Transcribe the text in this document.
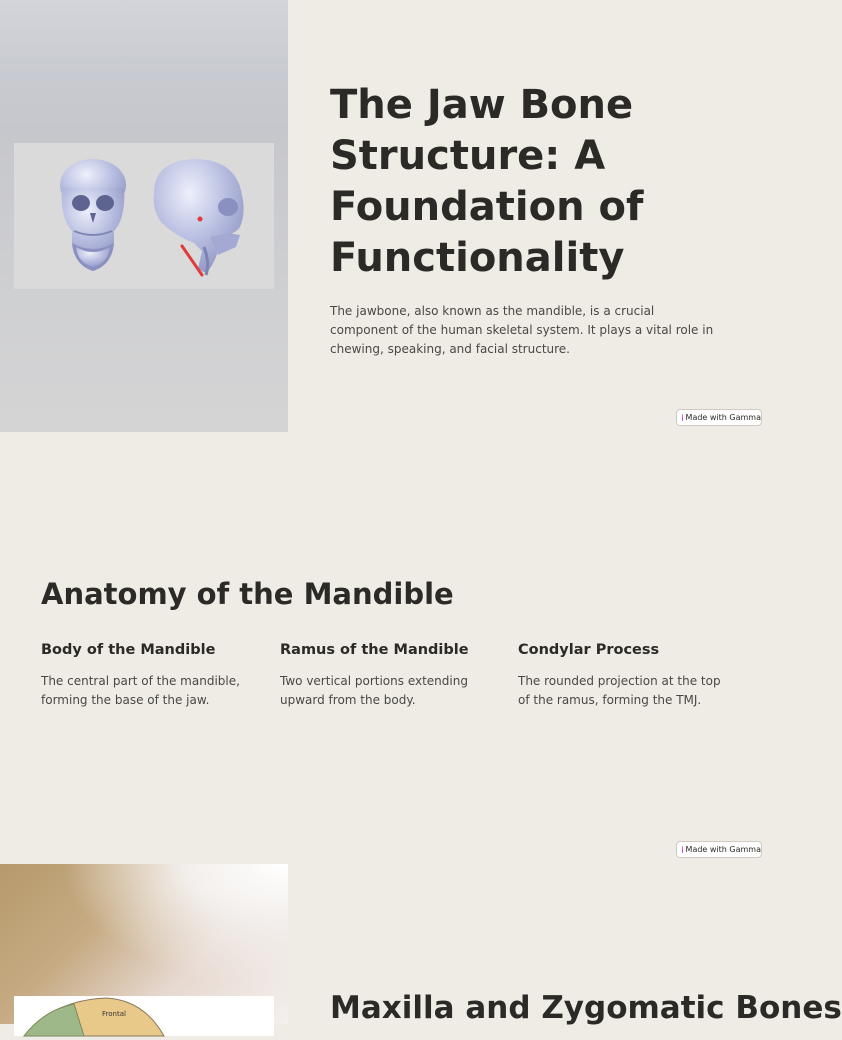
The Jaw Bone Structure: A Foundation of Functionality

The jawbone, also known as the mandible, is a crucial component of the human skeletal system. It plays a vital role in chewing, speaking, and facial structure.

Made with Gamma
Anatomy of the Mandible
Body of the Mandible

The central part of the mandible, forming the base of the jaw.

Ramus of the Mandible

Two vertical portions extending upward from the body.

Condylar Process

The rounded projection at the top of the ramus, forming the TMJ.

Made with Gamma
Frontal	Maxilla and Zygomatic Bones
